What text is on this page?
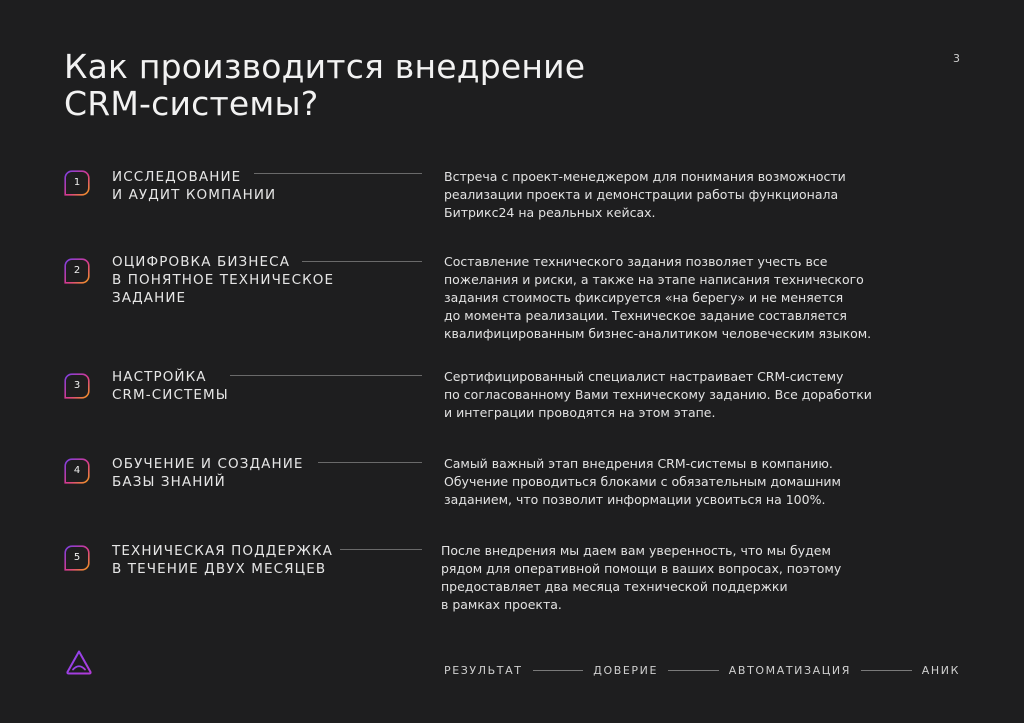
Как производится внедрение
CRM-системы?
3
1	ИССЛЕДОВАНИЕ
И АУДИТ КОМПАНИИ
Встреча с проект-менеджером для понимания возможности
реализации проекта и демонстрации работы функционала
Битрикс24 на реальных кейсах.
2
ОЦИФРОВКА БИЗНЕСА
В ПОНЯТНОЕ ТЕХНИЧЕСКОЕ
ЗАДАНИЕ
Составление технического задания позволяет учесть все
пожелания и риски, а также на этапе написания технического
задания стоимость фиксируется «на берегу» и не меняется
до момента реализации. Техническое задание составляется
квалифицированным бизнес-аналитиком человеческим языком.
3
НАСТРОЙКА
CRM-СИСТЕМЫ
Сертифицированный специалист настраивает CRM-систему
по согласованному Вами техническому заданию. Все доработки
и интеграции проводятся на этом этапе.
4	ОБУЧЕНИЕ И СОЗДАНИЕ
БАЗЫ ЗНАНИЙ
Самый важный этап внедрения CRM-системы в компанию.
Обучение проводиться блоками с обязательным домашним
заданием, что позволит информации усвоиться на 100%.
5	ТЕХНИЧЕСКАЯ ПОДДЕРЖКА
В ТЕЧЕНИЕ ДВУХ МЕСЯЦЕВ
После внедрения мы даем вам уверенность, что мы будем
рядом для оперативной помощи в ваших вопросах, поэтому
предоставляет два месяца технической поддержки
в рамках проекта.
РЕЗУЛЬТАТ	ДОВЕРИЕ	АВТОМАТИЗАЦИЯ	АНИК
